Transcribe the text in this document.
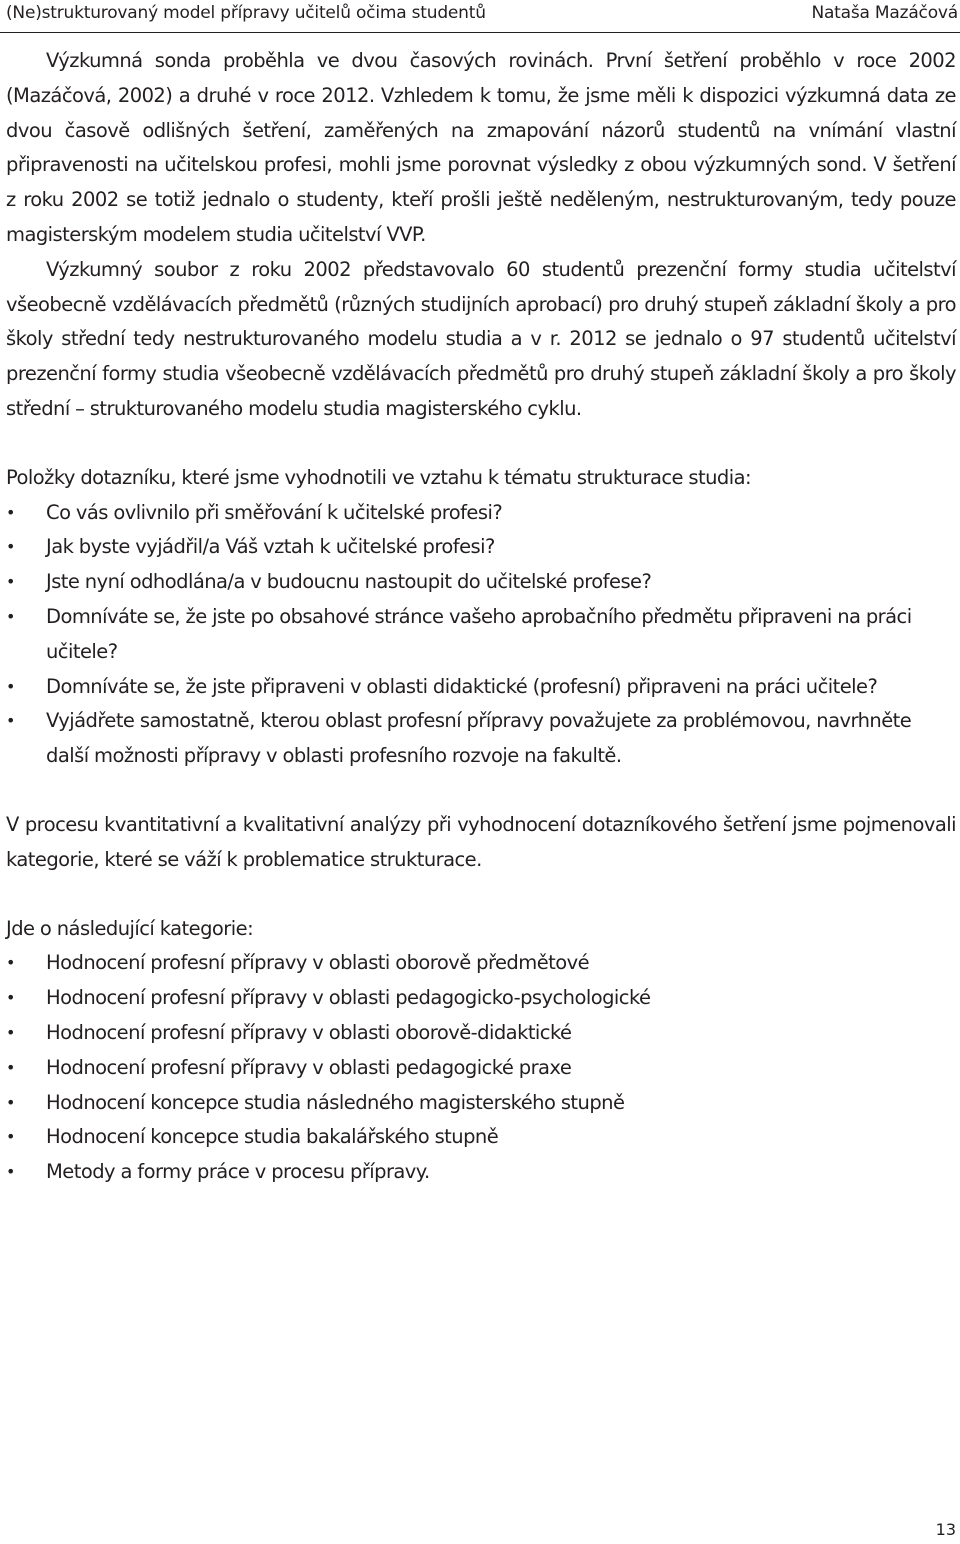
(Ne)strukturovaný model přípravy učitelů očima studentů	Nataša Mazáčová

Výzkumná sonda proběhla ve dvou časových rovinách. První šetření proběhlo v roce 2002 (Mazáčová, 2002) a druhé v roce 2012. Vzhledem k tomu, že jsme měli k dispozici výzkumná data ze dvou časově odlišných šetření, zaměřených na zmapování názorů studentů na vnímání vlastní připravenosti na učitelskou profesi, mohli jsme porovnat výsledky z obou výzkumných sond. V šetření z roku 2002 se totiž jednalo o studenty, kteří prošli ještě neděleným, nestrukturovaným, tedy pouze magisterským modelem studia učitelství VVP.

Výzkumný soubor z roku 2002 představovalo 60 studentů prezenční formy studia učitelství všeobecně vzdělávacích předmětů (různých studijních aprobací) pro druhý stupeň základní školy a pro školy střední tedy nestrukturovaného modelu studia a v r. 2012 se jednalo o 97 studentů učitelství prezenční formy studia všeobecně vzdělávacích předmětů pro druhý stupeň základní školy a pro školy střední – strukturovaného modelu studia magisterského cyklu.

Položky dotazníku, které jsme vyhodnotili ve vztahu k tématu strukturace studia:

• Co vás ovlivnilo při směřování k učitelské profesi?
• Jak byste vyjádřil/a Váš vztah k učitelské profesi?
• Jste nyní odhodlána/a v budoucnu nastoupit do učitelské profese?
• Domníváte se, že jste po obsahové stránce vašeho aprobačního předmětu připraveni na práci učitele?
• Domníváte se, že jste připraveni v oblasti didaktické (profesní) připraveni na práci učitele?
• Vyjádřete samostatně, kterou oblast profesní přípravy považujete za problémovou, navrhněte další možnosti přípravy v oblasti profesního rozvoje na fakultě.

V procesu kvantitativní a kvalitativní analýzy při vyhodnocení dotazníkového šetření jsme pojmenovali kategorie, které se váží k problematice strukturace.

Jde o následující kategorie:

• Hodnocení profesní přípravy v oblasti oborově předmětové
• Hodnocení profesní přípravy v oblasti pedagogicko-psychologické
• Hodnocení profesní přípravy v oblasti oborově-didaktické
• Hodnocení profesní přípravy v oblasti pedagogické praxe
• Hodnocení koncepce studia následného magisterského stupně
• Hodnocení koncepce studia bakalářského stupně
• Metody a formy práce v procesu přípravy.
13
